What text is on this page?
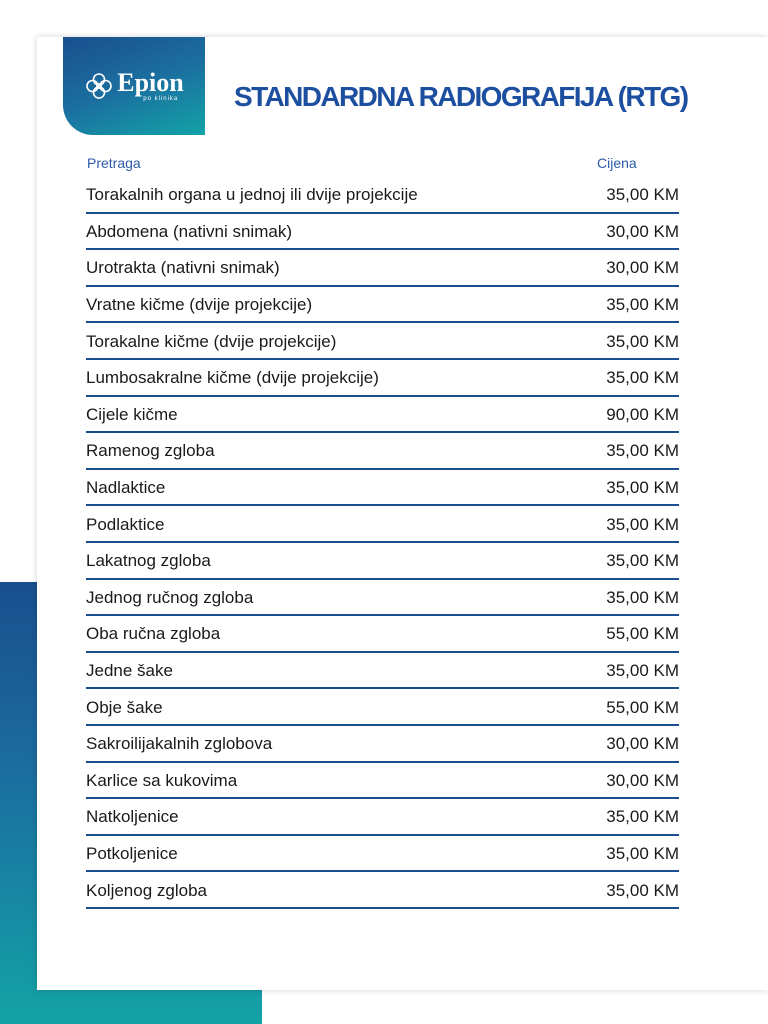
Epion
po klinika STANDARDNA RADIOGRAFIJA (RTG)
Pretraga	Cijena
Torakalnih organa u jednoj ili dvije projekcije	35,00 KM
Abdomena (nativni snimak)	30,00 KM
Urotrakta (nativni snimak)	30,00 KM
Vratne kičme (dvije projekcije)	35,00 KM
Torakalne kičme (dvije projekcije)	35,00 KM
Lumbosakralne kičme (dvije projekcije)	35,00 KM
Cijele kičme	90,00 KM
Ramenog zgloba	35,00 KM
Nadlaktice	35,00 KM
Podlaktice	35,00 KM
Lakatnog zgloba	35,00 KM
Jednog ručnog zgloba	35,00 KM
Oba ručna zgloba	55,00 KM
Jedne šake	35,00 KM
Obje šake	55,00 KM
Sakroilijakalnih zglobova	30,00 KM
Karlice sa kukovima	30,00 KM
Natkoljenice	35,00 KM
Potkoljenice	35,00 KM
Koljenog zgloba	35,00 KM
